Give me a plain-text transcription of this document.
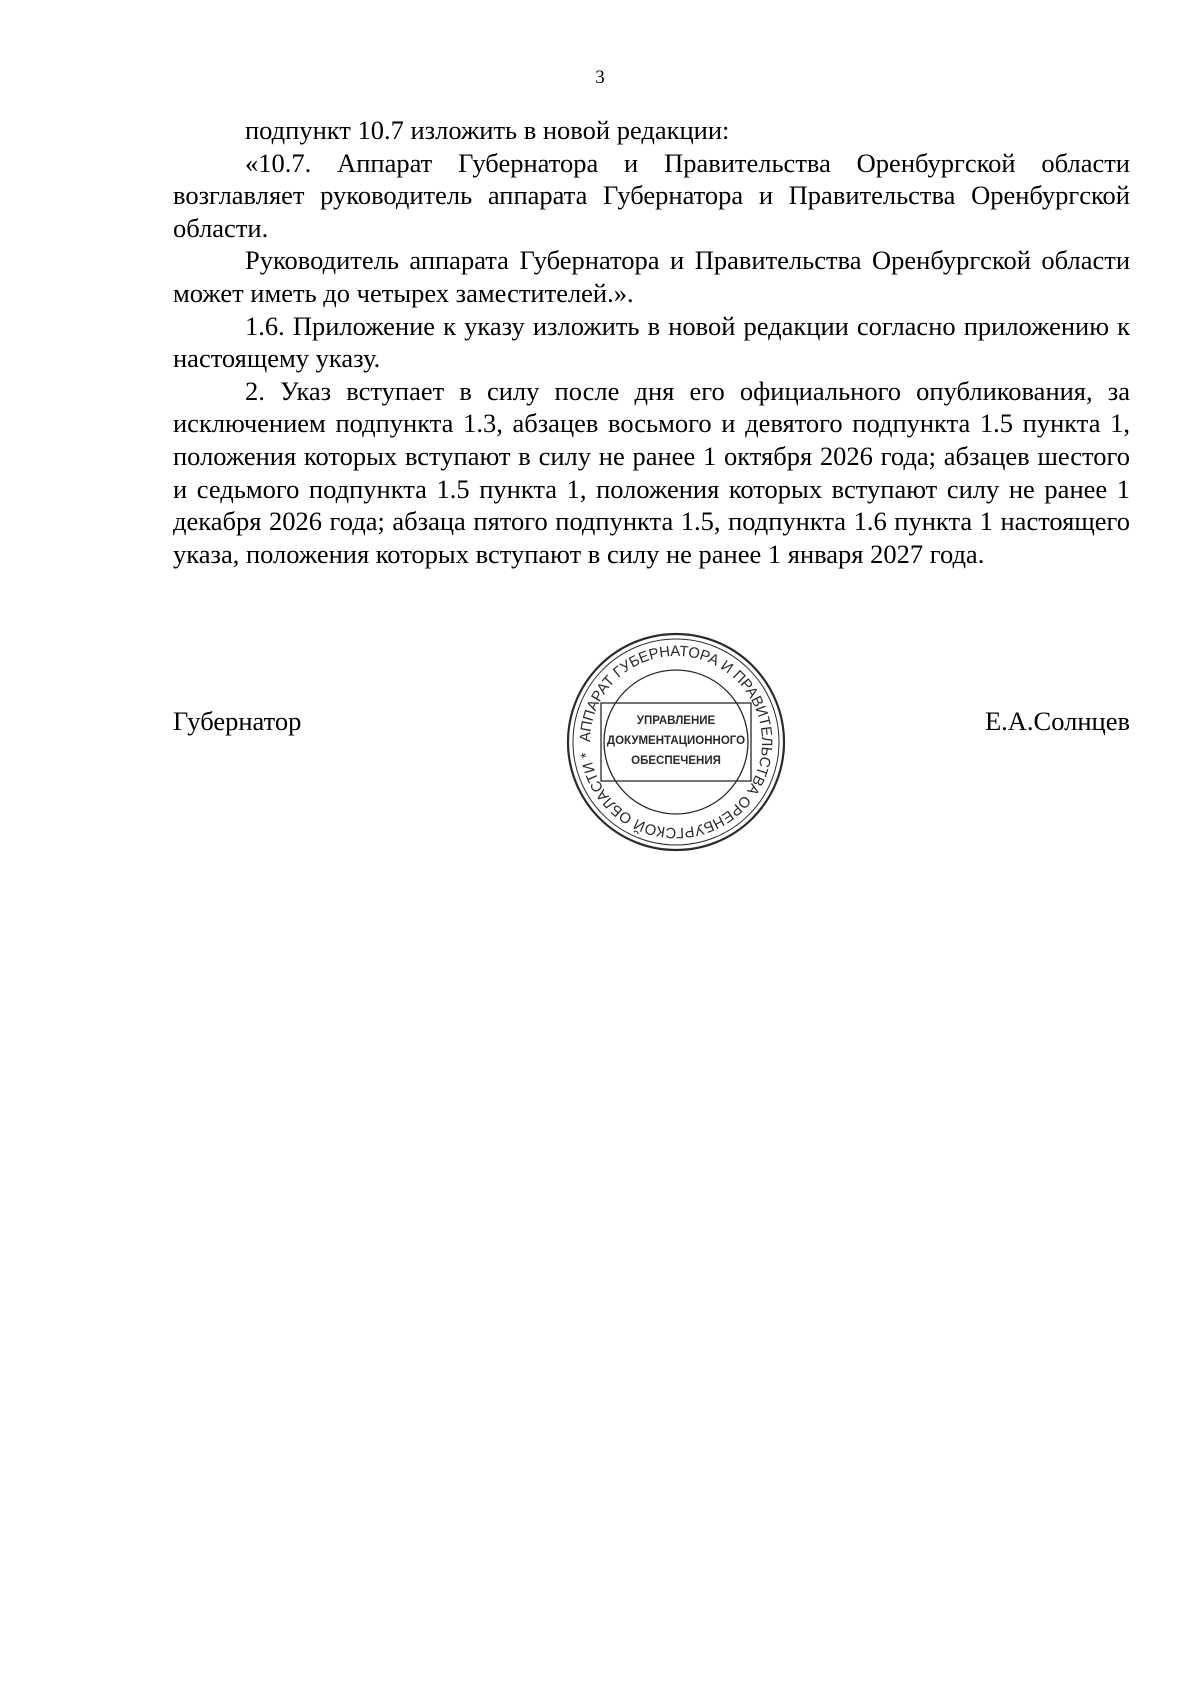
3

подпункт 10.7 изложить в новой редакции:

«10.7. Аппарат Губернатора и Правительства Оренбургской области возглавляет руководитель аппарата Губернатора и Правительства Оренбургской области.

Руководитель аппарата Губернатора и Правительства Оренбургской области может иметь до четырех заместителей.».

1.6. Приложение к указу изложить в новой редакции согласно приложению к настоящему указу.

2. Указ вступает в силу после дня его официального опубликования, за исключением подпункта 1.3, абзацев восьмого и девятого подпункта 1.5 пункта 1, положения которых вступают в силу не ранее 1 октября 2026 года; абзацев шестого и седьмого подпункта 1.5 пункта 1, положения которых вступают силу не ранее 1 декабря 2026 года; абзаца пятого подпункта 1.5, подпункта 1.6 пункта 1 настоящего указа, положения которых вступают в силу не ранее 1 января 2027 года.

Губернатор	Е.А.Солнцев
АППАРАТ ГУБЕРНАТОРА И ПРАВИТЕЛЬСТВА ОРЕНБУРГСКОЙ ОБЛАСТИ *
УПРАВЛЕНИЕ
ДОКУМЕНТАЦИОННОГО
ОБЕСПЕЧЕНИЯ
